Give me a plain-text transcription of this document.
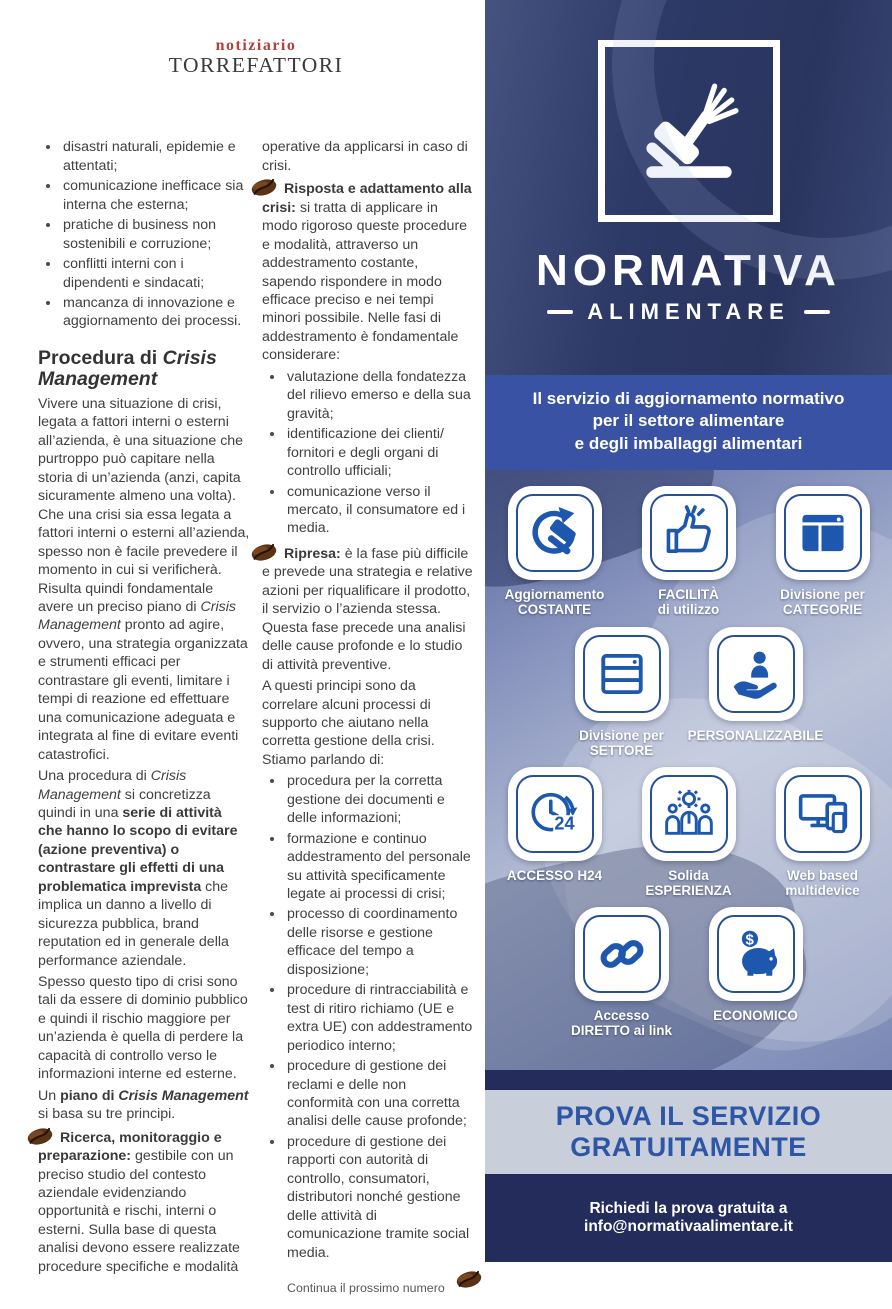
notiziario
TORREFATTORI
disastri naturali, epidemie e attentati;
comunicazione inefficace sia interna che esterna;
pratiche di business non sostenibili e corruzione;
conflitti interni con i dipendenti e sindacati;
mancanza di innovazione e aggiornamento dei processi.
Procedura di Crisis Management

Vivere una situazione di crisi, legata a fattori interni o esterni all’azienda, è una situazione che purtroppo può capitare nella storia di un’azienda (anzi, capita sicuramente almeno una volta). Che una crisi sia essa legata a fattori interni o esterni all’azienda, spesso non è facile prevedere il momento in cui si verificherà. Risulta quindi fondamentale avere un preciso piano di Crisis Management pronto ad agire, ovvero, una strategia organizzata e strumenti efficaci per contrastare gli eventi, limitare i tempi di reazione ed effettuare una comunicazione adeguata e integrata al fine di evitare eventi catastrofici.

Una procedura di Crisis Management si concretizza quindi in una serie di attività che hanno lo scopo di evitare (azione preventiva) o contrastare gli effetti di una problematica imprevista che implica un danno a livello di sicurezza pubblica, brand reputation ed in generale della performance aziendale.

Spesso questo tipo di crisi sono tali da essere di dominio pubblico e quindi il rischio maggiore per un’azienda è quella di perdere la capacità di controllo verso le informazioni interne ed esterne.

Un piano di Crisis Management si basa su tre principi.

Ricerca, monitoraggio e preparazione: gestibile con un preciso studio del contesto aziendale evidenziando opportunità e rischi, interni o esterni. Sulla base di questa analisi devono essere realizzate procedure specifiche e modalità

operative da applicarsi in caso di crisi.

Risposta e adattamento alla crisi: si tratta di applicare in modo rigoroso queste procedure e modalità, attraverso un addestramento costante, sapendo rispondere in modo efficace preciso e nei tempi minori possibile. Nelle fasi di addestramento è fondamentale considerare:

valutazione della fondatezza del rilievo emerso e della sua gravità;
identificazione dei clienti/ fornitori e degli organi di controllo ufficiali;
comunicazione verso il mercato, il consumatore ed i media.

Ripresa: è la fase più difficile e prevede una strategia e relative azioni per riqualificare il prodotto, il servizio o l’azienda stessa. Questa fase precede una analisi delle cause profonde e lo studio di attività preventive.

A questi principi sono da correlare alcuni processi di supporto che aiutano nella corretta gestione della crisi. Stiamo parlando di:

procedura per la corretta gestione dei documenti e delle informazioni;
formazione e continuo addestramento del personale su attività specificamente legate ai processi di crisi;
processo di coordinamento delle risorse e gestione efficace del tempo a disposizione;
procedure di rintracciabilità e test di ritiro richiamo (UE e extra UE) con addestramento periodico interno;
procedure di gestione dei reclami e delle non conformità con una corretta analisi delle cause profonde;
procedure di gestione dei rapporti con autorità di controllo, consumatori, distributori nonché gestione delle attività di comunicazione tramite social media.

Continua il prossimo numero

NORMATIVA
ALIMENTARE
Il servizio di aggiornamento normativo
per il settore alimentare
e degli imballaggi alimentari
Aggiornamento
COSTANTE
FACILITÀ
di utilizzo
Divisione per
CATEGORIE
Divisione per
SETTORE
PERSONALIZZABILE
24
ACCESSO H24	Solida
ESPERIENZA
Web based
multidevice
Accesso
DIRETTO ai link
$
ECONOMICO
PROVA IL SERVIZIO
GRATUITAMENTE
Richiedi la prova gratuita a info@normativaalimentare.it
